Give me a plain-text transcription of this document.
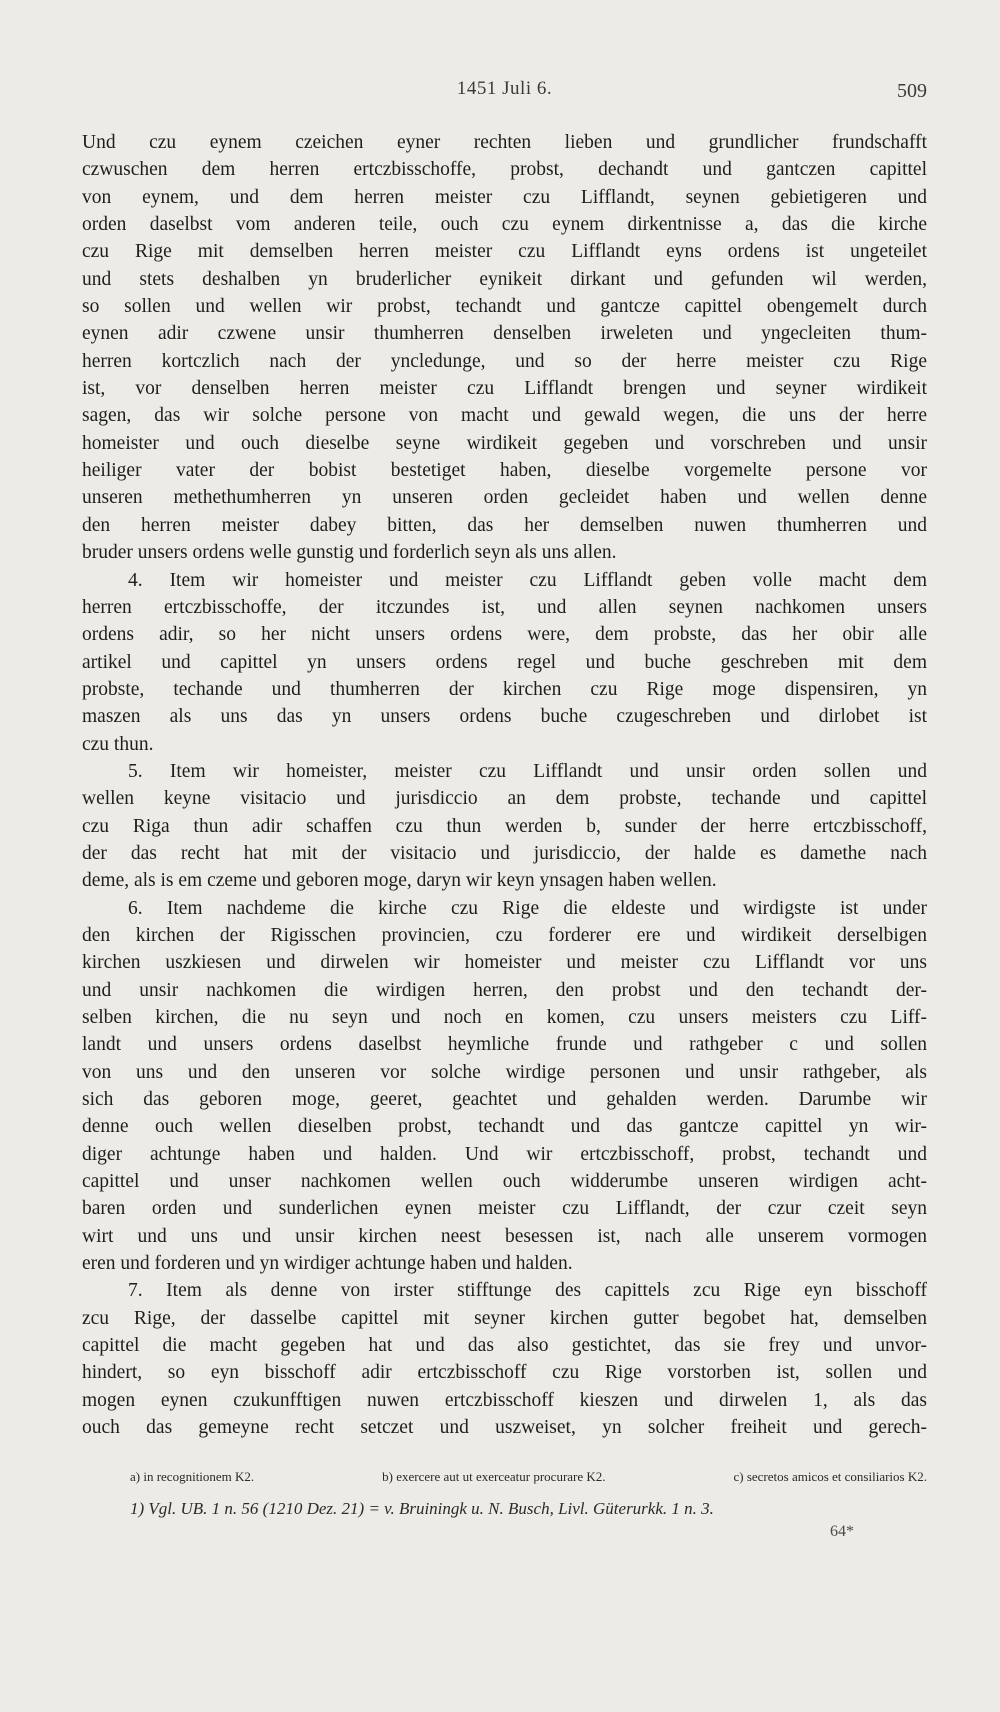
1451 Juli 6.	509
Und czu eynem czeichen eyner rechten lieben und grundlicher frundschafft
czwuschen dem herren ertczbisschoffe, probst, dechandt und gantczen capittel
von eynem, und dem herren meister czu Lifflandt, seynen gebietigeren und
orden daselbst vom anderen teile, ouch czu eynem dirkentnisse a, das die kirche
czu Rige mit demselben herren meister czu Lifflandt eyns ordens ist ungeteilet
und stets deshalben yn bruderlicher eynikeit dirkant und gefunden wil werden,
so sollen und wellen wir probst, techandt und gantcze capittel obengemelt durch
eynen adir czwene unsir thumherren denselben irweleten und yngecleiten thum-
herren kortczlich nach der yncledunge, und so der herre meister czu Rige
ist, vor denselben herren meister czu Lifflandt brengen und seyner wirdikeit
sagen, das wir solche persone von macht und gewald wegen, die uns der herre
homeister und ouch dieselbe seyne wirdikeit gegeben und vorschreben und unsir
heiliger vater der bobist bestetiget haben, dieselbe vorgemelte persone vor
unseren methethumherren yn unseren orden gecleidet haben und wellen denne
den herren meister dabey bitten, das her demselben nuwen thumherren und
bruder unsers ordens welle gunstig und forderlich seyn als uns allen.
4. Item wir homeister und meister czu Lifflandt geben volle macht dem
herren ertczbisschoffe, der itczundes ist, und allen seynen nachkomen unsers
ordens adir, so her nicht unsers ordens were, dem probste, das her obir alle
artikel und capittel yn unsers ordens regel und buche geschreben mit dem
probste, techande und thumherren der kirchen czu Rige moge dispensiren, yn
maszen als uns das yn unsers ordens buche czugeschreben und dirlobet ist
czu thun.
5. Item wir homeister, meister czu Lifflandt und unsir orden sollen und
wellen keyne visitacio und jurisdiccio an dem probste, techande und capittel
czu Riga thun adir schaffen czu thun werden b, sunder der herre ertczbisschoff,
der das recht hat mit der visitacio und jurisdiccio, der halde es damethe nach
deme, als is em czeme und geboren moge, daryn wir keyn ynsagen haben wellen.
6. Item nachdeme die kirche czu Rige die eldeste und wirdigste ist under
den kirchen der Rigisschen provincien, czu forderer ere und wirdikeit derselbigen
kirchen uszkiesen und dirwelen wir homeister und meister czu Lifflandt vor uns
und unsir nachkomen die wirdigen herren, den probst und den techandt der-
selben kirchen, die nu seyn und noch en komen, czu unsers meisters czu Liff-
landt und unsers ordens daselbst heymliche frunde und rathgeber c und sollen
von uns und den unseren vor solche wirdige personen und unsir rathgeber, als
sich das geboren moge, geeret, geachtet und gehalden werden. Darumbe wir
denne ouch wellen dieselben probst, techandt und das gantcze capittel yn wir-
diger achtunge haben und halden. Und wir ertczbisschoff, probst, techandt und
capittel und unser nachkomen wellen ouch widderumbe unseren wirdigen acht-
baren orden und sunderlichen eynen meister czu Lifflandt, der czur czeit seyn
wirt und uns und unsir kirchen neest besessen ist, nach alle unserem vormogen
eren und forderen und yn wirdiger achtunge haben und halden.
7. Item als denne von irster stifftunge des capittels zcu Rige eyn bisschoff
zcu Rige, der dasselbe capittel mit seyner kirchen gutter begobet hat, demselben
capittel die macht gegeben hat und das also gestichtet, das sie frey und unvor-
hindert, so eyn bisschoff adir ertczbisschoff czu Rige vorstorben ist, sollen und
mogen eynen czukunfftigen nuwen ertczbisschoff kieszen und dirwelen 1, als das
ouch das gemeyne recht setczet und uszweiset, yn solcher freiheit und gerech-
a) in recognitionem K2.	b) exercere aut ut exerceatur procurare K2.	c) secretos amicos et consiliarios K2.
1) Vgl. UB. 1 n. 56 (1210 Dez. 21) = v. Bruiningk u. N. Busch, Livl. Güterurkk. 1 n. 3.
64*
